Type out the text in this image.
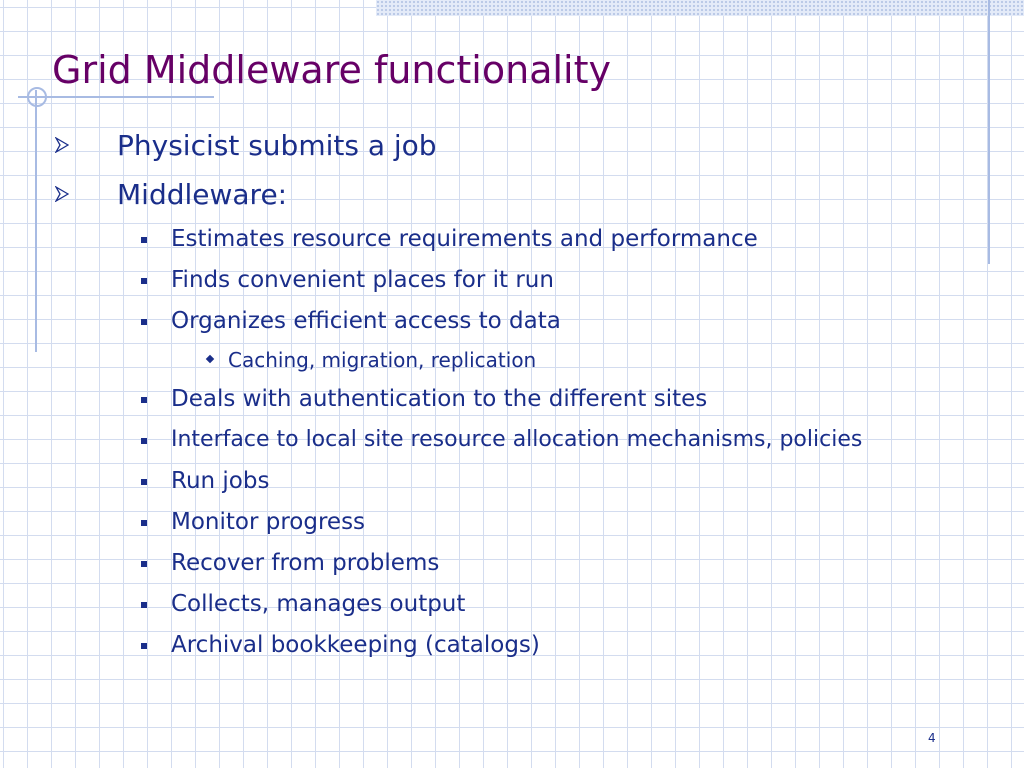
Grid Middleware functionality
Physicist submits a job
Middleware:
Estimates resource requirements and performance
Finds convenient places for it run
Organizes efficient access to data
Caching, migration, replication
Deals with authentication to the different sites
Interface to local site resource allocation mechanisms, policies
Run jobs
Monitor progress
Recover from problems
Collects, manages output
Archival bookkeeping (catalogs)
4
